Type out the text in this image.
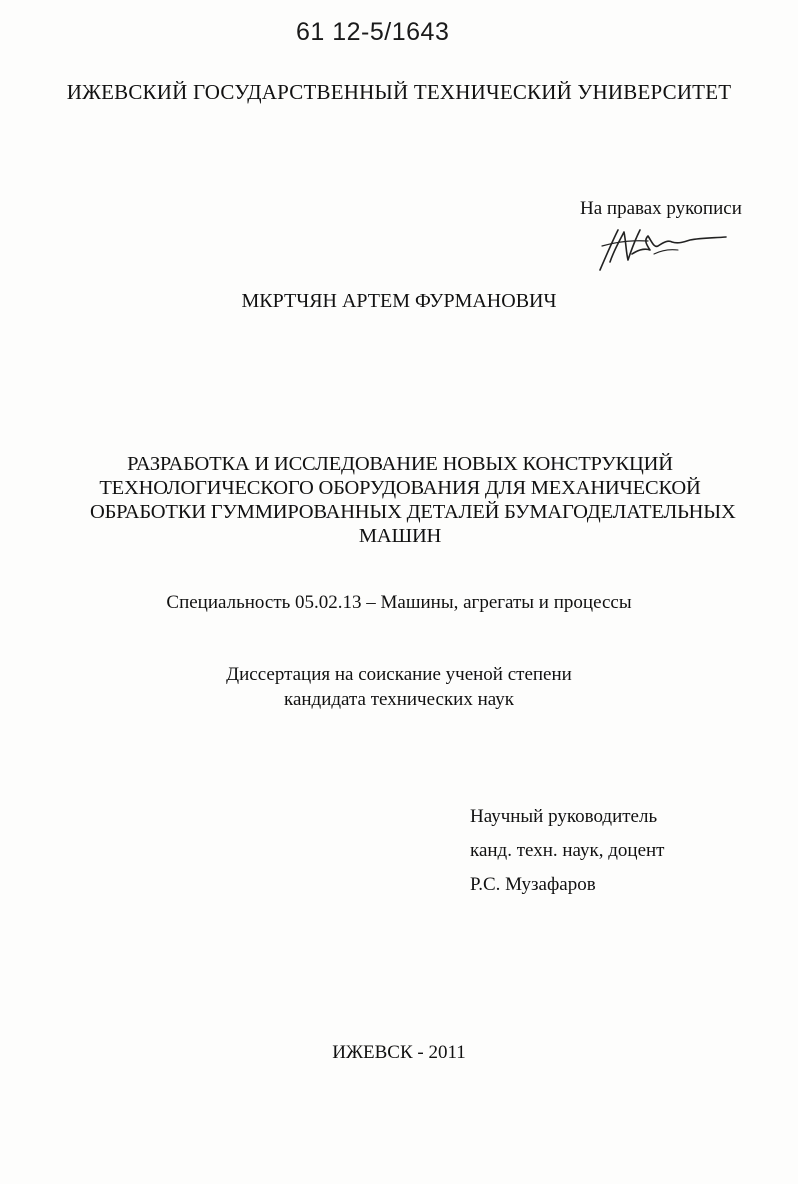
61 12-5/1643
ИЖЕВСКИЙ ГОСУДАРСТВЕННЫЙ ТЕХНИЧЕСКИЙ УНИВЕРСИТЕТ
На правах рукописи
МКРТЧЯН АРТЕМ ФУРМАНОВИЧ
РАЗРАБОТКА И ИССЛЕДОВАНИЕ НОВЫХ КОНСТРУКЦИЙ
ТЕХНОЛОГИЧЕСКОГО ОБОРУДОВАНИЯ ДЛЯ МЕХАНИЧЕСКОЙ
ОБРАБОТКИ ГУММИРОВАННЫХ ДЕТАЛЕЙ БУМАГОДЕЛАТЕЛЬНЫХ
МАШИН
Специальность 05.02.13 – Машины, агрегаты и процессы
Диссертация на соискание ученой степени
кандидата технических наук
Научный руководитель
канд. техн. наук, доцент
Р.С. Музафаров
ИЖЕВСК - 2011
